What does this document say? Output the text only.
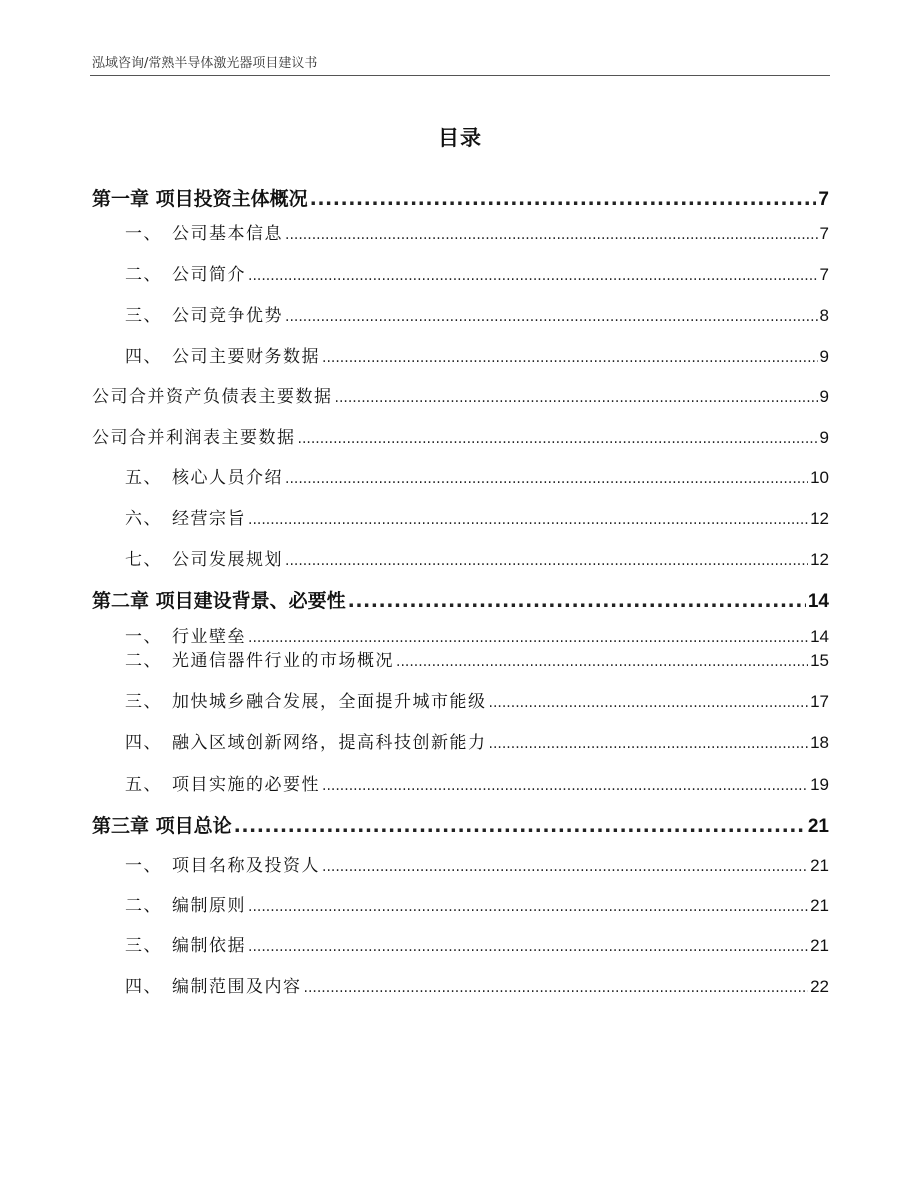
泓域咨询/常熟半导体激光器项目建议书
目录
第一章 项目投资主体概况 .....	7
一、 公司基本信息 .....	7
二、 公司简介 .....	7
三、 公司竞争优势 .....	8
四、 公司主要财务数据 .....	9
公司合并资产负债表主要数据 .....	9
公司合并利润表主要数据 .....	9
五、 核心人员介绍 .....	10
六、 经营宗旨 .....	12
七、 公司发展规划 .....	12
第二章 项目建设背景、必要性 .....	14
一、 行业壁垒 .....	14
二、 光通信器件行业的市场概况 .....	15
三、 加快城乡融合发展，全面提升城市能级 .....	17
四、 融入区域创新网络，提高科技创新能力 .....	18
五、 项目实施的必要性 .....	19
第三章 项目总论 .....	21
一、 项目名称及投资人 .....	21
二、 编制原则 .....	21
三、 编制依据 .....	21
四、 编制范围及内容 .....	22
